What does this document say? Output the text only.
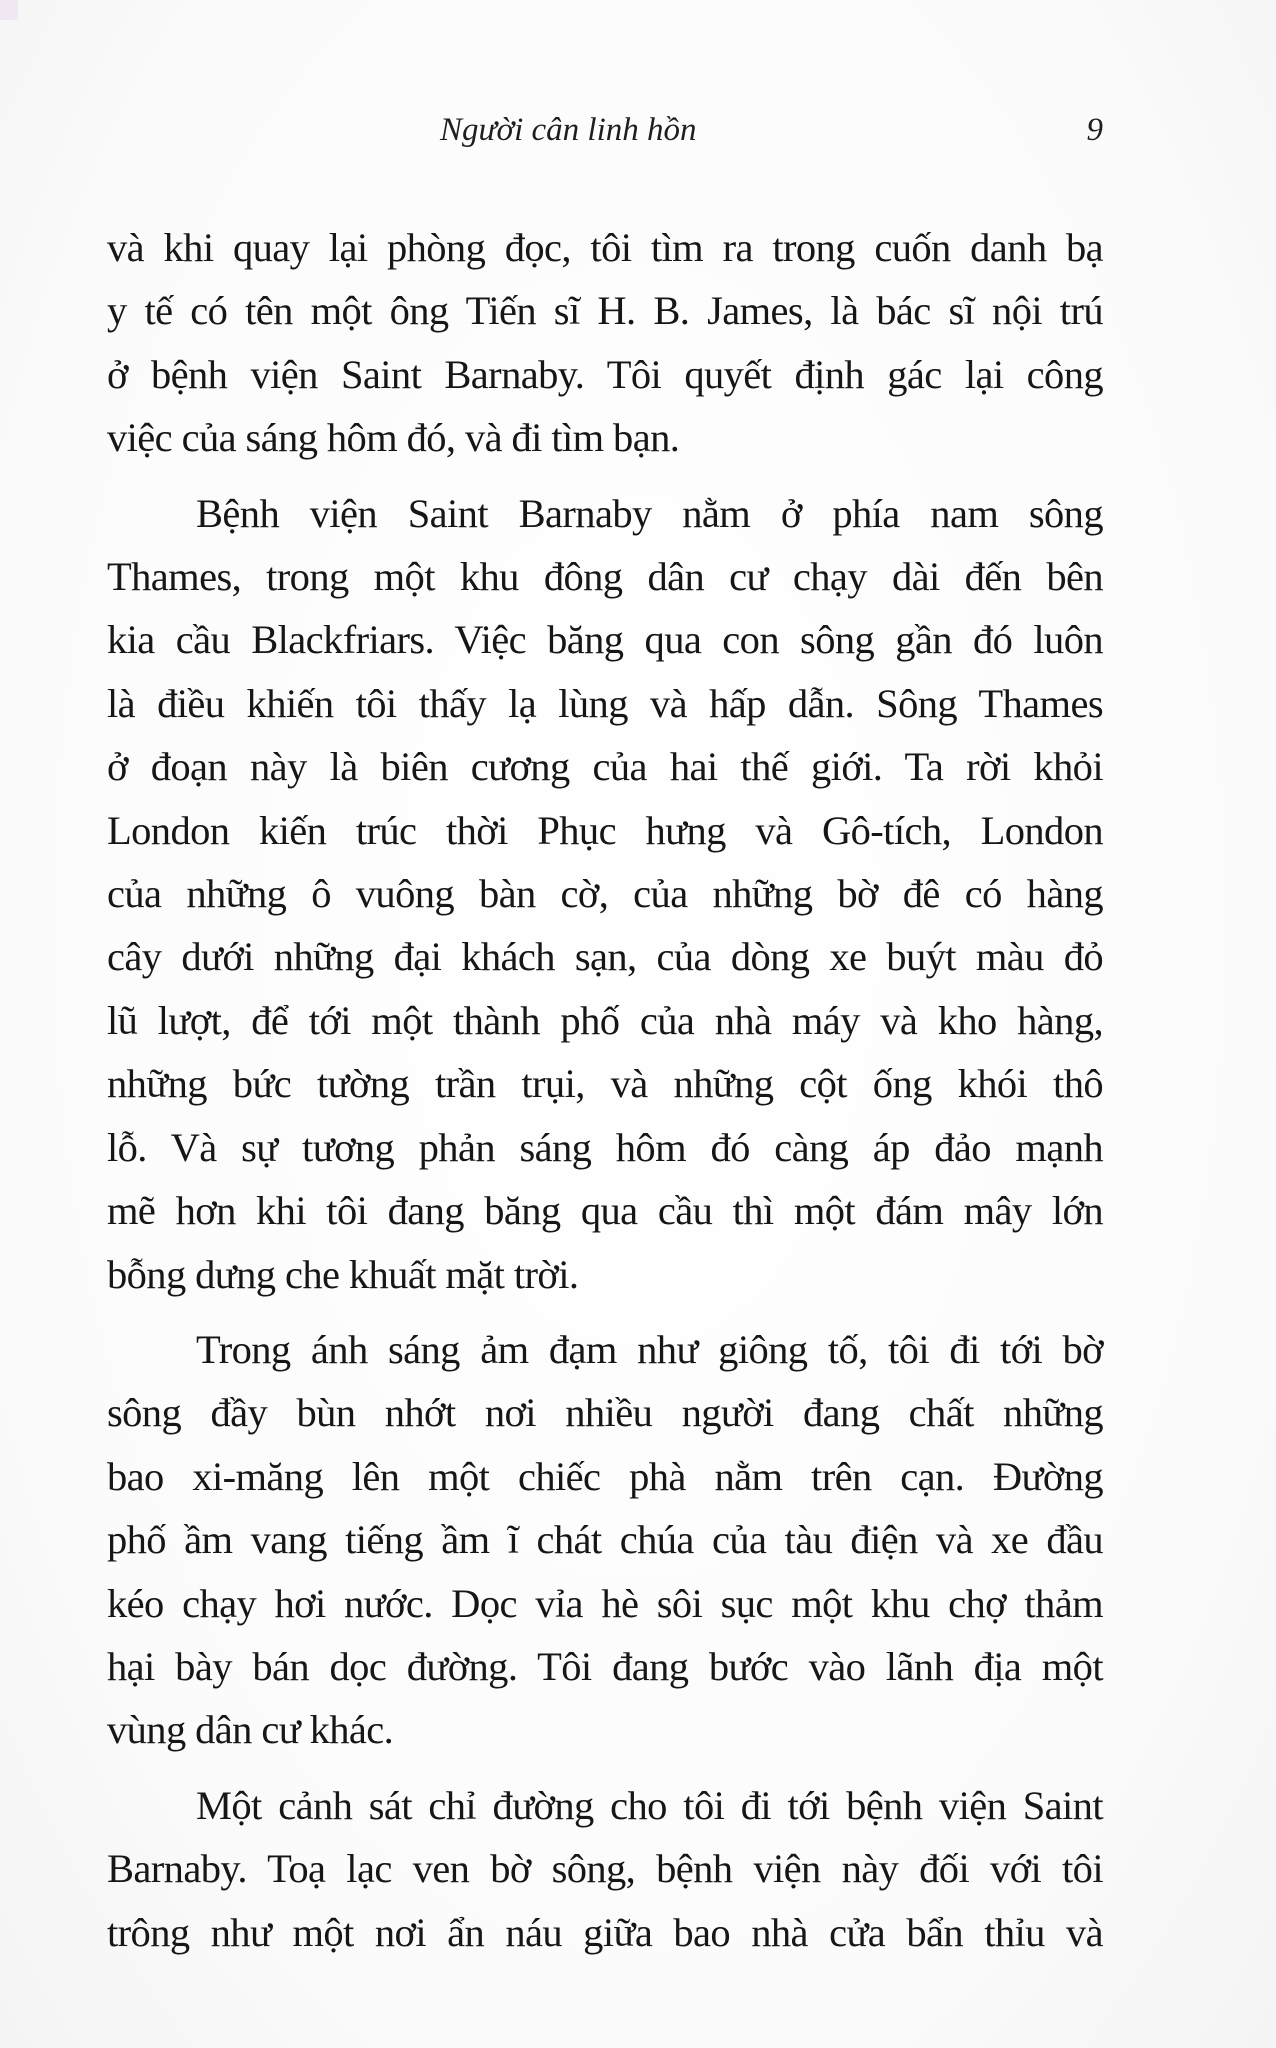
Người cân linh hồn	9

và khi quay lại phòng đọc, tôi tìm ra trong cuốn danh bạ
y tế có tên một ông Tiến sĩ H. B. James, là bác sĩ nội trú
ở bệnh viện Saint Barnaby. Tôi quyết định gác lại công
việc của sáng hôm đó, và đi tìm bạn.

Bệnh viện Saint Barnaby nằm ở phía nam sông
Thames, trong một khu đông dân cư chạy dài đến bên
kia cầu Blackfriars. Việc băng qua con sông gần đó luôn
là điều khiến tôi thấy lạ lùng và hấp dẫn. Sông Thames
ở đoạn này là biên cương của hai thế giới. Ta rời khỏi
London kiến trúc thời Phục hưng và Gô-tích, London
của những ô vuông bàn cờ, của những bờ đê có hàng
cây dưới những đại khách sạn, của dòng xe buýt màu đỏ
lũ lượt, để tới một thành phố của nhà máy và kho hàng,
những bức tường trần trụi, và những cột ống khói thô
lỗ. Và sự tương phản sáng hôm đó càng áp đảo mạnh
mẽ hơn khi tôi đang băng qua cầu thì một đám mây lớn
bỗng dưng che khuất mặt trời.

Trong ánh sáng ảm đạm như giông tố, tôi đi tới bờ
sông đầy bùn nhớt nơi nhiều người đang chất những
bao xi-măng lên một chiếc phà nằm trên cạn. Đường
phố ầm vang tiếng ầm ĩ chát chúa của tàu điện và xe đầu
kéo chạy hơi nước. Dọc vỉa hè sôi sục một khu chợ thảm
hại bày bán dọc đường. Tôi đang bước vào lãnh địa một
vùng dân cư khác.

Một cảnh sát chỉ đường cho tôi đi tới bệnh viện Saint
Barnaby. Toạ lạc ven bờ sông, bệnh viện này đối với tôi
trông như một nơi ẩn náu giữa bao nhà cửa bẩn thỉu và
